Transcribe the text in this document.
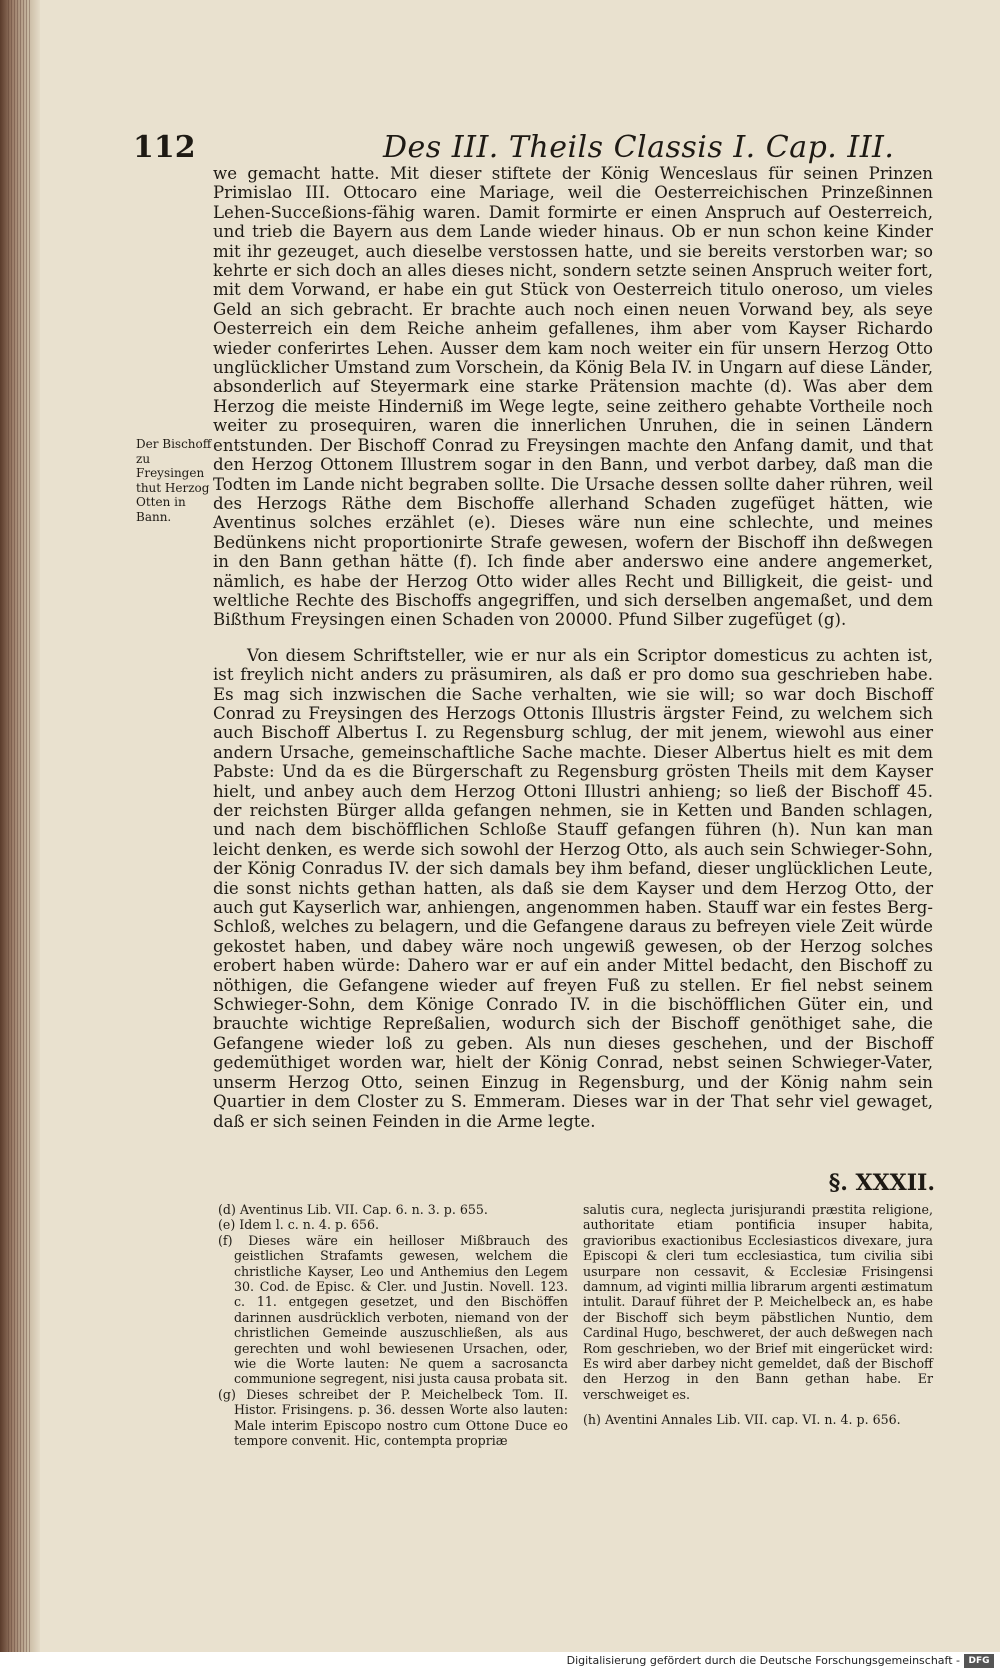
112	Des III. Theils Classis I. Cap. III.
Der Bischoff zu Freysingen thut Herzog Otten in Bann.

we gemacht hatte. Mit dieser stiftete der König Wenceslaus für seinen Prinzen Primislao III. Ottocaro eine Mariage, weil die Oesterreichischen Prinzeßinnen Lehen-Succeßions-fähig waren. Damit formirte er einen Anspruch auf Oesterreich, und trieb die Bayern aus dem Lande wieder hinaus. Ob er nun schon keine Kinder mit ihr gezeuget, auch dieselbe verstossen hatte, und sie bereits verstorben war; so kehrte er sich doch an alles dieses nicht, sondern setzte seinen Anspruch weiter fort, mit dem Vorwand, er habe ein gut Stück von Oesterreich titulo oneroso, um vieles Geld an sich gebracht. Er brachte auch noch einen neuen Vorwand bey, als seye Oesterreich ein dem Reiche anheim gefallenes, ihm aber vom Kayser Richardo wieder conferirtes Lehen. Ausser dem kam noch weiter ein für unsern Herzog Otto unglücklicher Umstand zum Vorschein, da König Bela IV. in Ungarn auf diese Länder, absonderlich auf Steyermark eine starke Prätension machte (d). Was aber dem Herzog die meiste Hinderniß im Wege legte, seine zeithero gehabte Vortheile noch weiter zu prosequiren, waren die innerlichen Unruhen, die in seinen Ländern entstunden. Der Bischoff Conrad zu Freysingen machte den Anfang damit, und that den Herzog Ottonem Illustrem sogar in den Bann, und verbot darbey, daß man die Todten im Lande nicht begraben sollte. Die Ursache dessen sollte daher rühren, weil des Herzogs Räthe dem Bischoffe allerhand Schaden zugefüget hätten, wie Aventinus solches erzählet (e). Dieses wäre nun eine schlechte, und meines Bedünkens nicht proportionirte Strafe gewesen, wofern der Bischoff ihn deßwegen in den Bann gethan hätte (f). Ich finde aber anderswo eine andere angemerket, nämlich, es habe der Herzog Otto wider alles Recht und Billigkeit, die geist- und weltliche Rechte des Bischoffs angegriffen, und sich derselben angemaßet, und dem Bißthum Freysingen einen Schaden von 20000. Pfund Silber zugefüget (g).

Von diesem Schriftsteller, wie er nur als ein Scriptor domesticus zu achten ist, ist freylich nicht anders zu präsumiren, als daß er pro domo sua geschrieben habe. Es mag sich inzwischen die Sache verhalten, wie sie will; so war doch Bischoff Conrad zu Freysingen des Herzogs Ottonis Illustris ärgster Feind, zu welchem sich auch Bischoff Albertus I. zu Regensburg schlug, der mit jenem, wiewohl aus einer andern Ursache, gemeinschaftliche Sache machte. Dieser Albertus hielt es mit dem Pabste: Und da es die Bürgerschaft zu Regensburg grösten Theils mit dem Kayser hielt, und anbey auch dem Herzog Ottoni Illustri anhieng; so ließ der Bischoff 45. der reichsten Bürger allda gefangen nehmen, sie in Ketten und Banden schlagen, und nach dem bischöfflichen Schloße Stauff gefangen führen (h). Nun kan man leicht denken, es werde sich sowohl der Herzog Otto, als auch sein Schwieger-Sohn, der König Conradus IV. der sich damals bey ihm befand, dieser unglücklichen Leute, die sonst nichts gethan hatten, als daß sie dem Kayser und dem Herzog Otto, der auch gut Kayserlich war, anhiengen, angenommen haben. Stauff war ein festes Berg-Schloß, welches zu belagern, und die Gefangene daraus zu befreyen viele Zeit würde gekostet haben, und dabey wäre noch ungewiß gewesen, ob der Herzog solches erobert haben würde: Dahero war er auf ein ander Mittel bedacht, den Bischoff zu nöthigen, die Gefangene wieder auf freyen Fuß zu stellen. Er fiel nebst seinem Schwieger-Sohn, dem Könige Conrado IV. in die bischöfflichen Güter ein, und brauchte wichtige Repreßalien, wodurch sich der Bischoff genöthiget sahe, die Gefangene wieder loß zu geben. Als nun dieses geschehen, und der Bischoff gedemüthiget worden war, hielt der König Conrad, nebst seinen Schwieger-Vater, unserm Herzog Otto, seinen Einzug in Regensburg, und der König nahm sein Quartier in dem Closter zu S. Emmeram. Dieses war in der That sehr viel gewaget, daß er sich seinen Feinden in die Arme legte.

§. XXXII.

(d) Aventinus Lib. VII. Cap. 6. n. 3. p. 655.

(e) Idem l. c. n. 4. p. 656.

(f) Dieses wäre ein heilloser Mißbrauch des geistlichen Strafamts gewesen, welchem die christliche Kayser, Leo und Anthemius den Legem 30. Cod. de Episc. & Cler. und Justin. Novell. 123. c. 11. entgegen gesetzet, und den Bischöffen darinnen ausdrücklich verboten, niemand von der christlichen Gemeinde auszuschließen, als aus gerechten und wohl bewiesenen Ursachen, oder, wie die Worte lauten: Ne quem a sacrosancta communione segregent, nisi justa causa probata sit.

(g) Dieses schreibet der P. Meichelbeck Tom. II. Histor. Frisingens. p. 36. dessen Worte also lauten: Male interim Episcopo nostro cum Ottone Duce eo tempore convenit. Hic, contempta propriæ

salutis cura, neglecta jurisjurandi præstita religione, authoritate etiam pontificia insuper habita, gravioribus exactionibus Ecclesiasticos divexare, jura Episcopi & cleri tum ecclesiastica, tum civilia sibi usurpare non cessavit, & Ecclesiæ Frisingensi damnum, ad viginti millia librarum argenti æstimatum intulit. Darauf führet der P. Meichelbeck an, es habe der Bischoff sich beym päbstlichen Nuntio, dem Cardinal Hugo, beschweret, der auch deßwegen nach Rom geschrieben, wo der Brief mit eingerücket wird: Es wird aber darbey nicht gemeldet, daß der Bischoff den Herzog in den Bann gethan habe. Er verschweiget es.

(h) Aventini Annales Lib. VII. cap. VI. n. 4. p. 656.

Digitalisierung gefördert durch die Deutsche Forschungsgemeinschaft - DFG
